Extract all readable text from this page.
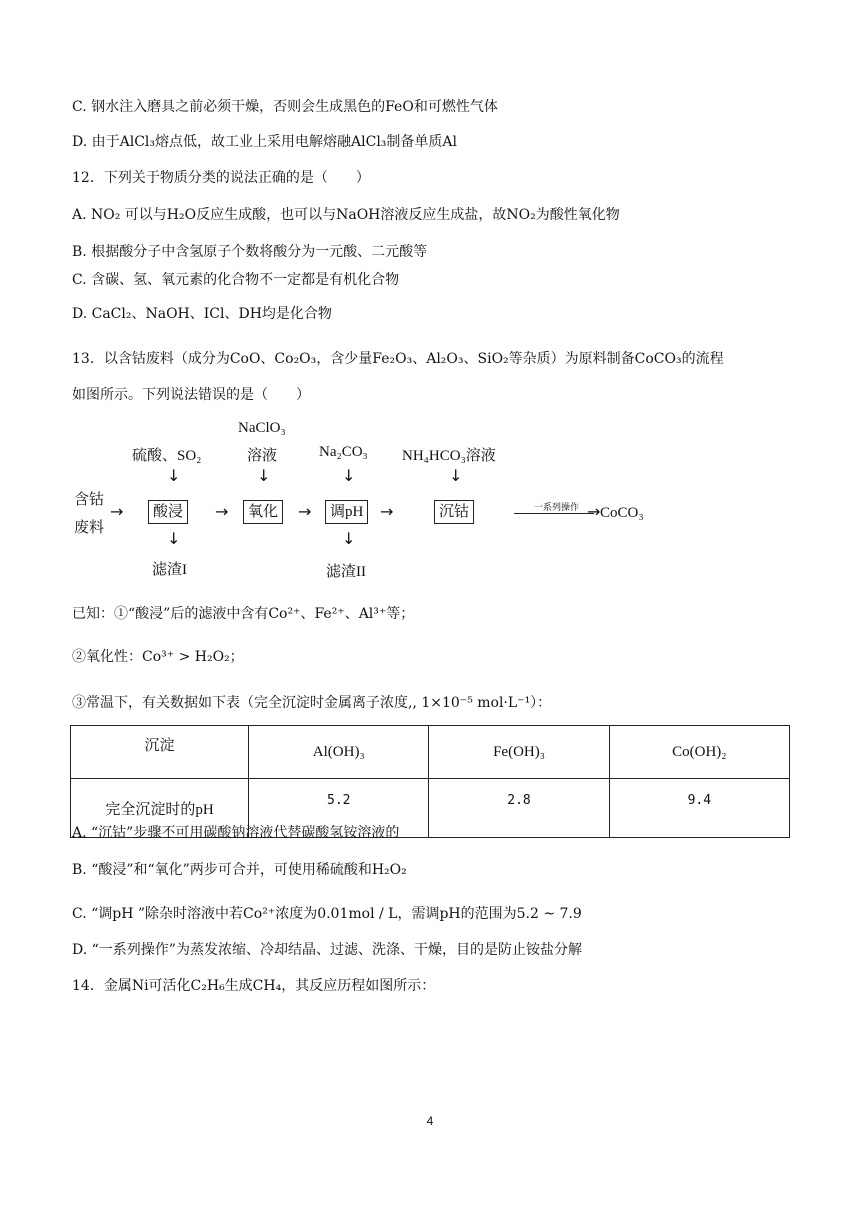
C. 钢水注入磨具之前必须干燥，否则会生成黑色的FeO和可燃性气体
D. 由于AlCl₃熔点低，故工业上采用电解熔融AlCl₃制备单质Al
12．下列关于物质分类的说法正确的是（　　）
A. NO₂ 可以与H₂O反应生成酸，也可以与NaOH溶液反应生成盐，故NO₂为酸性氧化物
B. 根据酸分子中含氢原子个数将酸分为一元酸、二元酸等
C. 含碳、氢、氧元素的化合物不一定都是有机化合物
D. CaCl₂、NaOH、ICl、DH均是化合物
13．以含钴废料（成分为CoO、Co₂O₃，含少量Fe₂O₃、Al₂O₃、SiO₂等杂质）为原料制备CoCO₃的流程
如图所示。下列说法错误的是（　　）
硫酸、SO₂
NaClO₃
溶液	Na₂CO₃ NH₄HCO₃溶液
↓	↓	↓	↓
含钴
废料
→	酸浸	→	氧化	→	调pH	→	沉钴	一系列操作 → CoCO₃
↓	↓
滤渣I	滤渣II
已知：①“酸浸”后的滤液中含有Co²⁺、Fe²⁺、Al³⁺等；
②氧化性：Co³⁺ > H₂O₂；
③常温下，有关数据如下表（完全沉淀时金属离子浓度,, 1×10⁻⁵ mol·L⁻¹）：
沉淀	Al(OH)₃	Fe(OH)₃	Co(OH)₂
完全沉淀时的pH	5.2	2.8	9.4
A. “沉钴”步骤不可用碳酸钠溶液代替碳酸氢铵溶液的
B. “酸浸”和“氧化”两步可合并，可使用稀硫酸和H₂O₂
C. “调pH ”除杂时溶液中若Co²⁺浓度为0.01mol / L，需调pH的范围为5.2 ~ 7.9
D. “一系列操作”为蒸发浓缩、冷却结晶、过滤、洗涤、干燥，目的是防止铵盐分解
14．金属Ni可活化C₂H₆生成CH₄，其反应历程如图所示：
4
